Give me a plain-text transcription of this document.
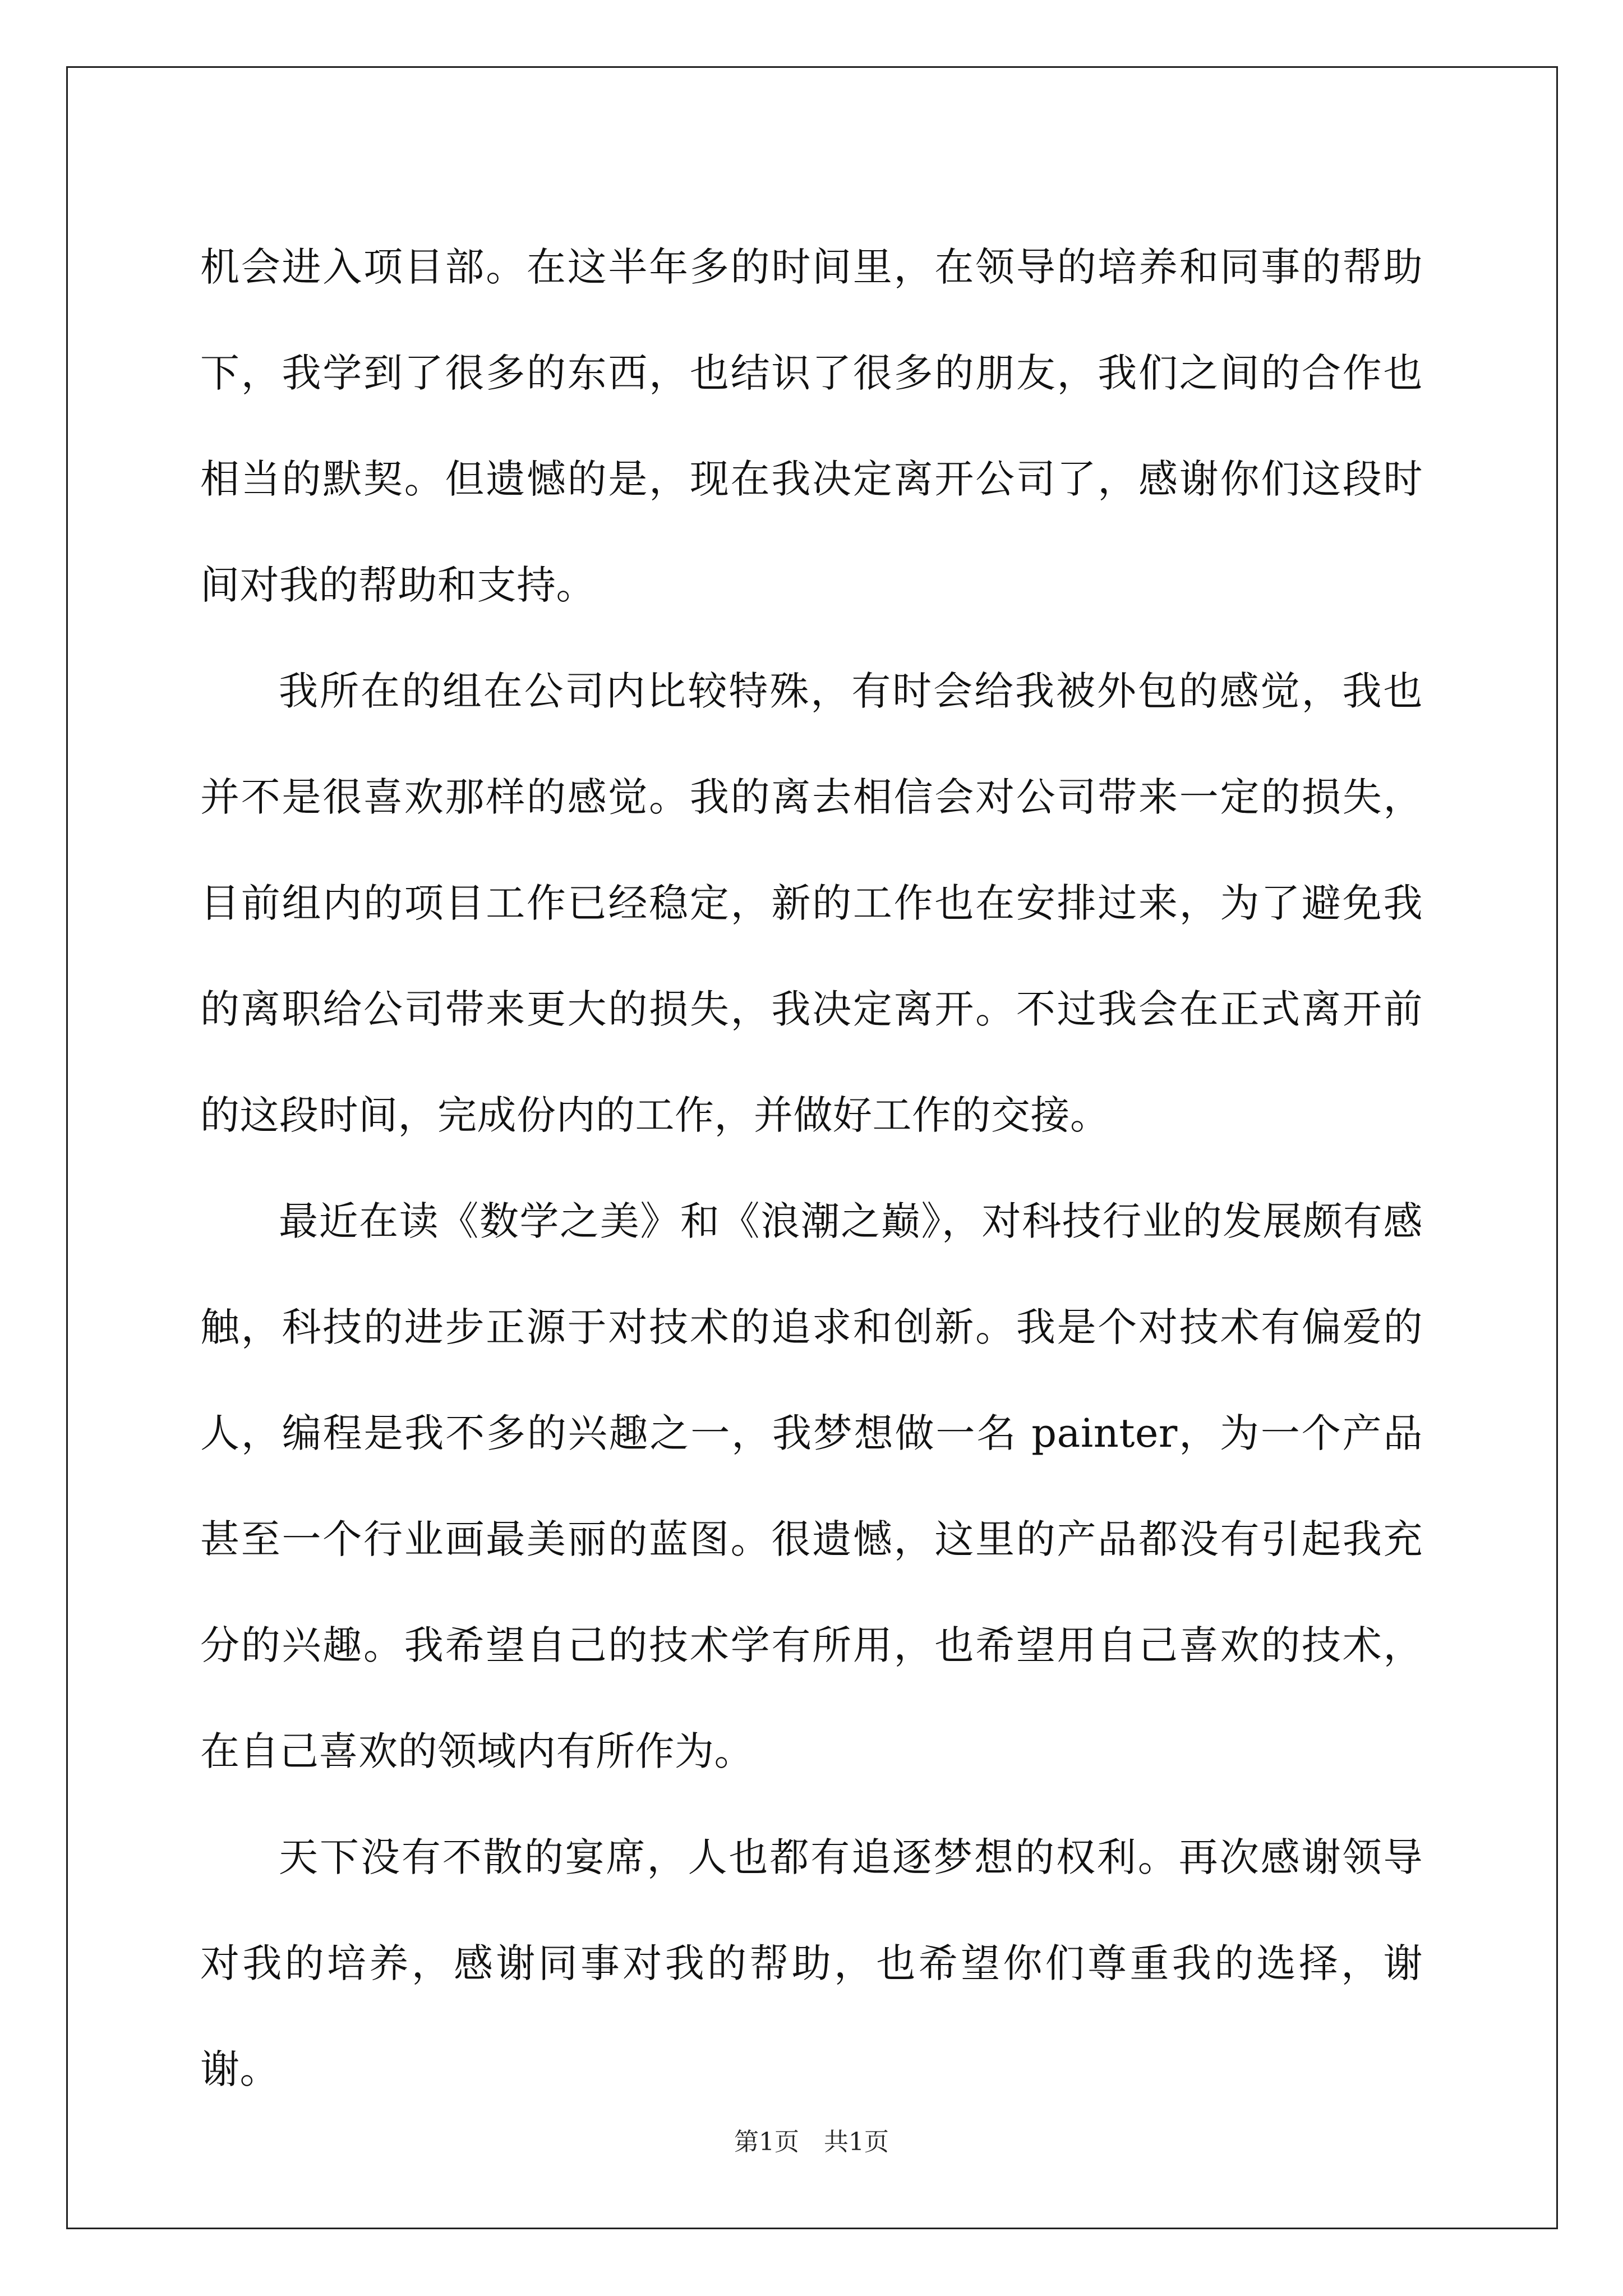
机会进入项目部。在这半年多的时间里，在领导的培养和同事的帮助下，我学到了很多的东西，也结识了很多的朋友，我们之间的合作也相当的默契。但遗憾的是，现在我决定离开公司了，感谢你们这段时间对我的帮助和支持。

我所在的组在公司内比较特殊，有时会给我被外包的感觉，我也并不是很喜欢那样的感觉。我的离去相信会对公司带来一定的损失，目前组内的项目工作已经稳定，新的工作也在安排过来，为了避免我的离职给公司带来更大的损失，我决定离开。不过我会在正式离开前的这段时间，完成份内的工作，并做好工作的交接。

最近在读《数学之美》和《浪潮之巅》，对科技行业的发展颇有感触，科技的进步正源于对技术的追求和创新。我是个对技术有偏爱的人，编程是我不多的兴趣之一，我梦想做一名 painter，为一个产品甚至一个行业画最美丽的蓝图。很遗憾，这里的产品都没有引起我充分的兴趣。我希望自己的技术学有所用，也希望用自己喜欢的技术，在自己喜欢的领域内有所作为。

天下没有不散的宴席，人也都有追逐梦想的权利。再次感谢领导对我的培养，感谢同事对我的帮助，也希望你们尊重我的选择，谢谢。

第1页　共1页
